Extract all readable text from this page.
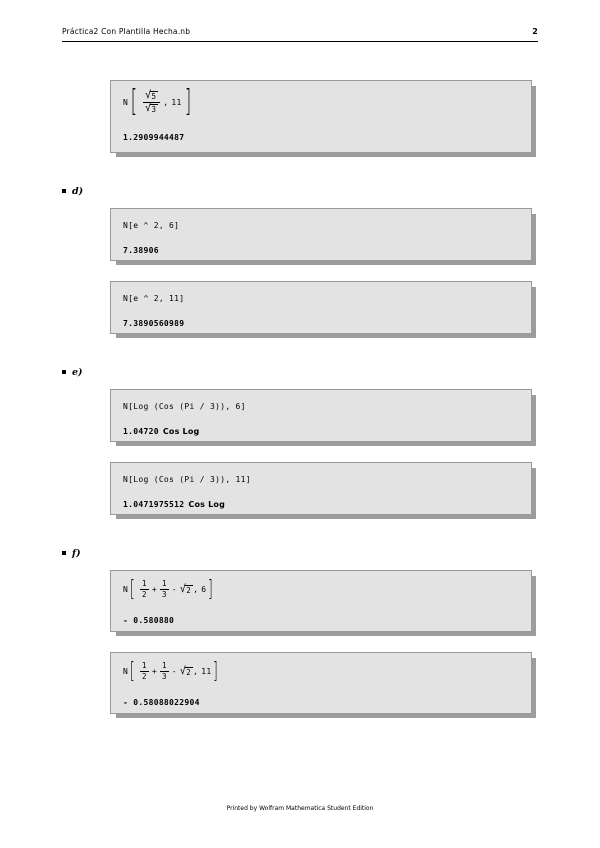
Práctica2 Con Plantilla Hecha.nb	2
N [ $\frac{√ 5}{√ 3}$ , 11 ]
1.2909944487
d)
N[e ^ 2, 6]
7.38906
N[e ^ 2, 11]
7.3890560989
e)
N[Log (Cos (Pi / 3)), 6]
1.04720 Cos Log
N[Log (Cos (Pi / 3)), 11]
1.0471975512 Cos Log
f)
N [ $\frac{1}{2} + \frac{1}{3}$ - √ 2 , 6 ]
- 0.580880
N [ $\frac{1}{2} + \frac{1}{3}$ - √ 2 , 11 ]
- 0.58088022904
Printed by Wolfram Mathematica Student Edition
